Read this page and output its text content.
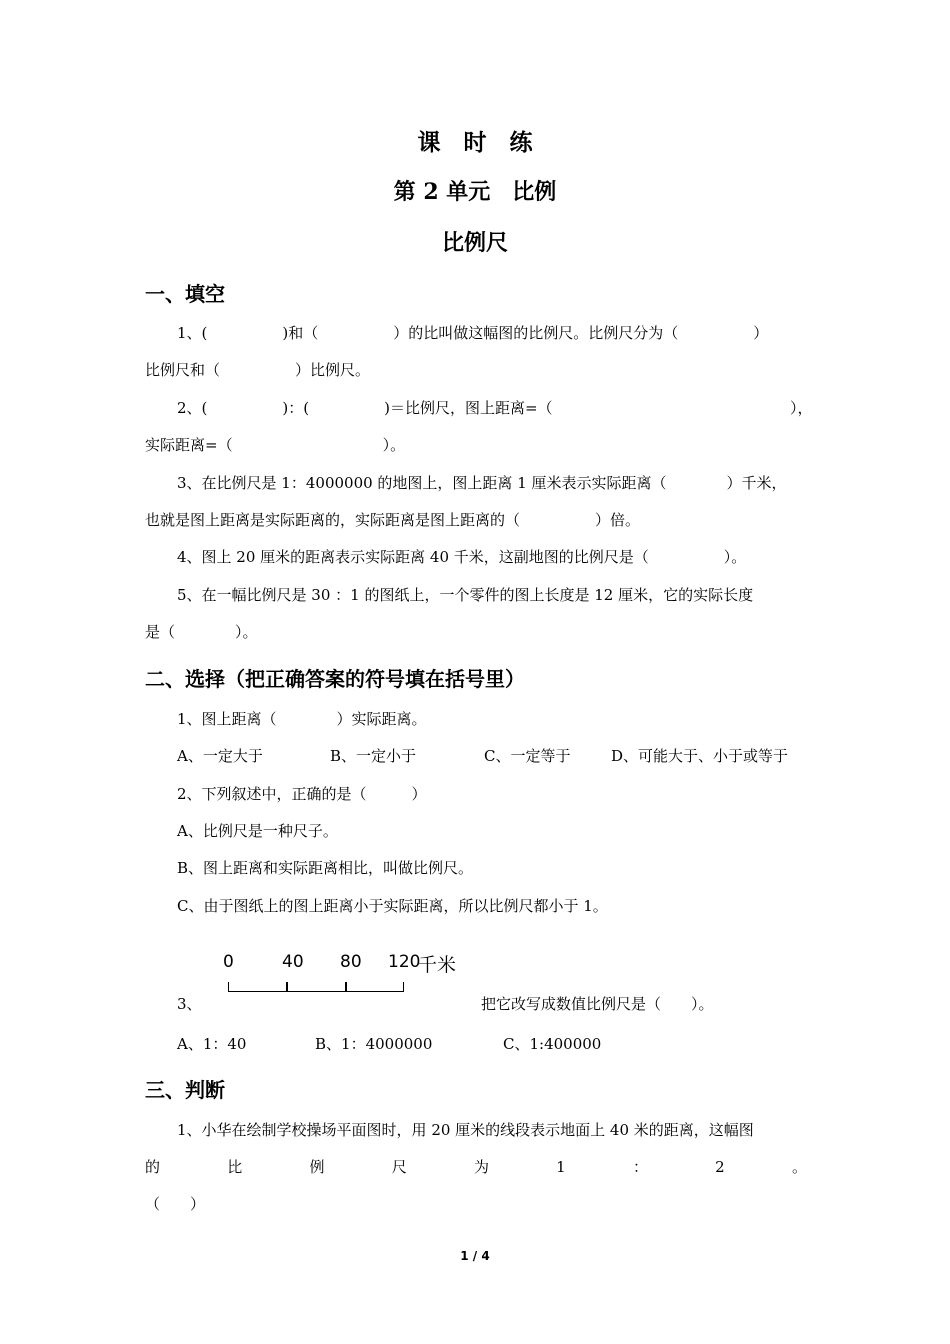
课　时　练
第 2 单元　比例
比例尺
一、填空
1、(　　　　　)和（　　　　　）的比叫做这幅图的比例尺。比例尺分为（　　　　　）
比例尺和（　　　　　）比例尺。
2、(　　　　　)：(　　　　　)＝比例尺，图上距离=（	），
实际距离=（　　　　　　　　　　）。
3、在比例尺是 1：4000000 的地图上，图上距离 1 厘米表示实际距离（　　　　）千米，
也就是图上距离是实际距离的，实际距离是图上距离的（　　　　　）倍。
4、图上 20 厘米的距离表示实际距离 40 千米，这副地图的比例尺是（　　　　　）。
5、在一幅比例尺是 30 ：1 的图纸上，一个零件的图上长度是 12 厘米，它的实际长度
是（　　　　）。
二、选择（把正确答案的符号填在括号里）
1、图上距离（　　　　）实际距离。
A、一定大于	B、一定小于	C、一定等于	D、可能大于、小于或等于
2、下列叙述中，正确的是（　　　）
A、比例尺是一种尺子。
B、图上距离和实际距离相比，叫做比例尺。
C、由于图纸上的图上距离小于实际距离，所以比例尺都小于 1。
0	40 80 120
千米
3、	把它改写成数值比例尺是（　　）。
A、1：40	B、1：4000000	C、1:400000
三、判断
1、小华在绘制学校操场平面图时，用 20 厘米的线段表示地面上 40 米的距离，这幅图
的	比	例	尺	为	1	：	2	。
（　　）
1 / 4
